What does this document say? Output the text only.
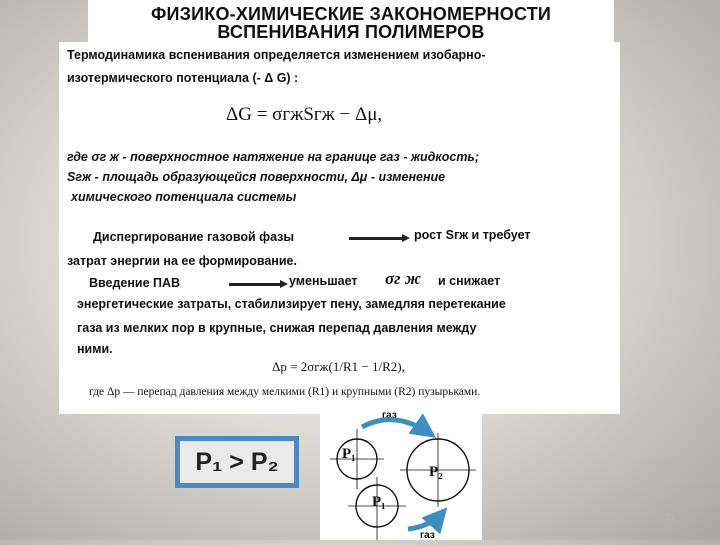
ФИЗИКО-ХИМИЧЕСКИЕ ЗАКОНОМЕРНОСТИ
ВСПЕНИВАНИЯ ПОЛИМЕРОВ
Термодинамика вспенивания определяется изменением изобарно-
изотермического потенциала (- Δ G) :
ΔG = σгжSгж − Δμ,
где σг ж - поверхностное натяжение на границе газ - жидкость;
Sгж - площадь образующейся поверхности, Δμ - изменение
химического потенциала системы
Диспергирование газовой фазы	рост Sгж и требует
затрат энергии на ее формирование.
Введение ПАВ	уменьшает σг ж и снижает
энергетические затраты, стабилизирует пену, замедляя перетекание
газа из мелких пор в крупные, снижая перепад давления между
ними.
Δp = 2σгж(1/R1 − 1/R2),
где Δp — перепад давления между мелкими (R1) и крупными (R2) пузырьками.
P₁ > P₂
газ
P₁
P₂
P₁
газ
21
